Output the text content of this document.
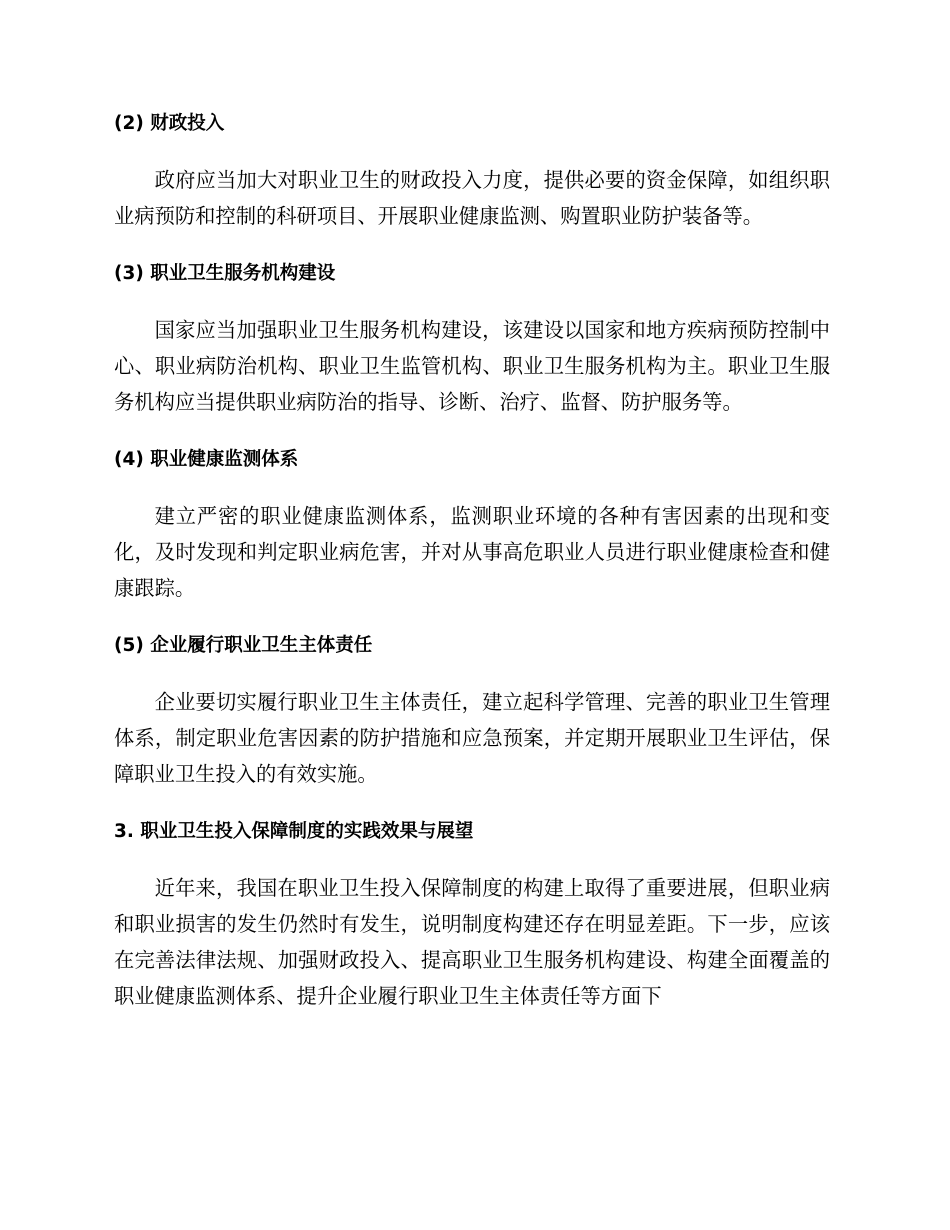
(2) 财政投入

政府应当加大对职业卫生的财政投入力度，提供必要的资金保障，如组织职业病预防和控制的科研项目、开展职业健康监测、购置职业防护装备等。

(3) 职业卫生服务机构建设

国家应当加强职业卫生服务机构建设，该建设以国家和地方疾病预防控制中心、职业病防治机构、职业卫生监管机构、职业卫生服务机构为主。职业卫生服务机构应当提供职业病防治的指导、诊断、治疗、监督、防护服务等。

(4) 职业健康监测体系

建立严密的职业健康监测体系，监测职业环境的各种有害因素的出现和变化，及时发现和判定职业病危害，并对从事高危职业人员进行职业健康检查和健康跟踪。

(5) 企业履行职业卫生主体责任

企业要切实履行职业卫生主体责任，建立起科学管理、完善的职业卫生管理体系，制定职业危害因素的防护措施和应急预案，并定期开展职业卫生评估，保障职业卫生投入的有效实施。

3. 职业卫生投入保障制度的实践效果与展望

近年来，我国在职业卫生投入保障制度的构建上取得了重要进展，但职业病和职业损害的发生仍然时有发生，说明制度构建还存在明显差距。下一步，应该在完善法律法规、加强财政投入、提高职业卫生服务机构建设、构建全面覆盖的职业健康监测体系、提升企业履行职业卫生主体责任等方面下
